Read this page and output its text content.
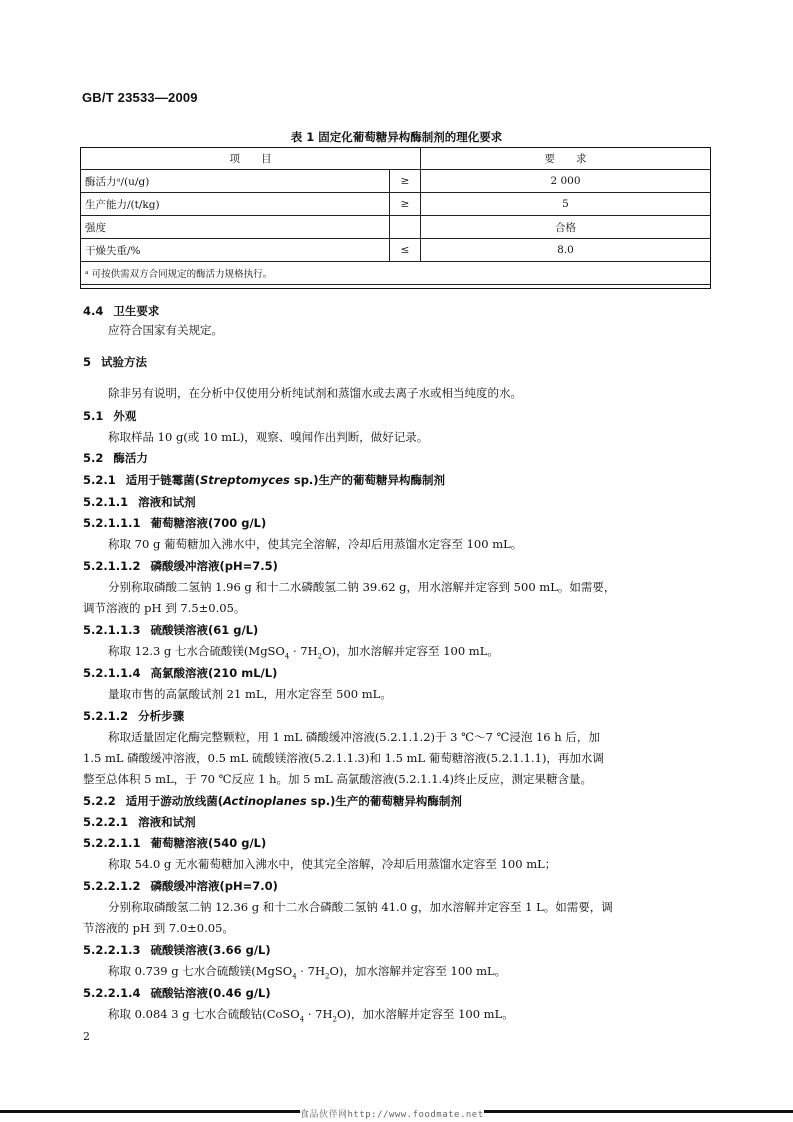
GB/T 23533—2009
表 1 固定化葡萄糖异构酶制剂的理化要求
项　　目		要　　求
酶活力ᵃ/(u/g)	≥	2 000
生产能力/(t/kg)	≥	5
强度		合格
干燥失重/%	≤	8.0
ᵃ 可按供需双方合同规定的酶活力规格执行。		
4.4 卫生要求
应符合国家有关规定。
5 试验方法
除非另有说明，在分析中仅使用分析纯试剂和蒸馏水或去离子水或相当纯度的水。
5.1 外观
称取样品 10 g(或 10 mL)，观察、嗅闻作出判断，做好记录。
5.2 酶活力
5.2.1 适用于链霉菌(Streptomyces sp.)生产的葡萄糖异构酶制剂
5.2.1.1 溶液和试剂
5.2.1.1.1 葡萄糖溶液(700 g/L)
称取 70 g 葡萄糖加入沸水中，使其完全溶解，冷却后用蒸馏水定容至 100 mL。
5.2.1.1.2 磷酸缓冲溶液(pH=7.5)
分别称取磷酸二氢钠 1.96 g 和十二水磷酸氢二钠 39.62 g，用水溶解并定容到 500 mL。如需要，
调节溶液的 pH 到 7.5±0.05。
5.2.1.1.3 硫酸镁溶液(61 g/L)
称取 12.3 g 七水合硫酸镁(MgSO$_4$ · $7H_2O$)，加水溶解并定容至 100 mL。
5.2.1.1.4 高氯酸溶液(210 mL/L)
量取市售的高氯酸试剂 21 mL，用水定容至 500 mL。
5.2.1.2 分析步骤
称取适量固定化酶完整颗粒，用 1 mL 磷酸缓冲溶液(5.2.1.1.2)于 3 ℃～7 ℃浸泡 16 h 后，加
1.5 mL 磷酸缓冲溶液，0.5 mL 硫酸镁溶液(5.2.1.1.3)和 1.5 mL 葡萄糖溶液(5.2.1.1.1)，再加水调
整至总体积 5 mL，于 70 ℃反应 1 h。加 5 mL 高氯酸溶液(5.2.1.1.4)终止反应，测定果糖含量。
5.2.2 适用于游动放线菌(Actinoplanes sp.)生产的葡萄糖异构酶制剂
5.2.2.1 溶液和试剂
5.2.2.1.1 葡萄糖溶液(540 g/L)
称取 54.0 g 无水葡萄糖加入沸水中，使其完全溶解，冷却后用蒸馏水定容至 100 mL；
5.2.2.1.2 磷酸缓冲溶液(pH=7.0)
分别称取磷酸氢二钠 12.36 g 和十二水合磷酸二氢钠 41.0 g，加水溶解并定容至 1 L。如需要，调
节溶液的 pH 到 7.0±0.05。
5.2.2.1.3 硫酸镁溶液(3.66 g/L)
称取 0.739 g 七水合硫酸镁(MgSO$_4$ · $7H_2O$)，加水溶解并定容至 100 mL。
5.2.2.1.4 硫酸钴溶液(0.46 g/L)
称取 0.084 3 g 七水合硫酸钴(CoSO$_4$ · $7H_2O$)，加水溶解并定容至 100 mL。
2
食品伙伴网http://www.foodmate.net
